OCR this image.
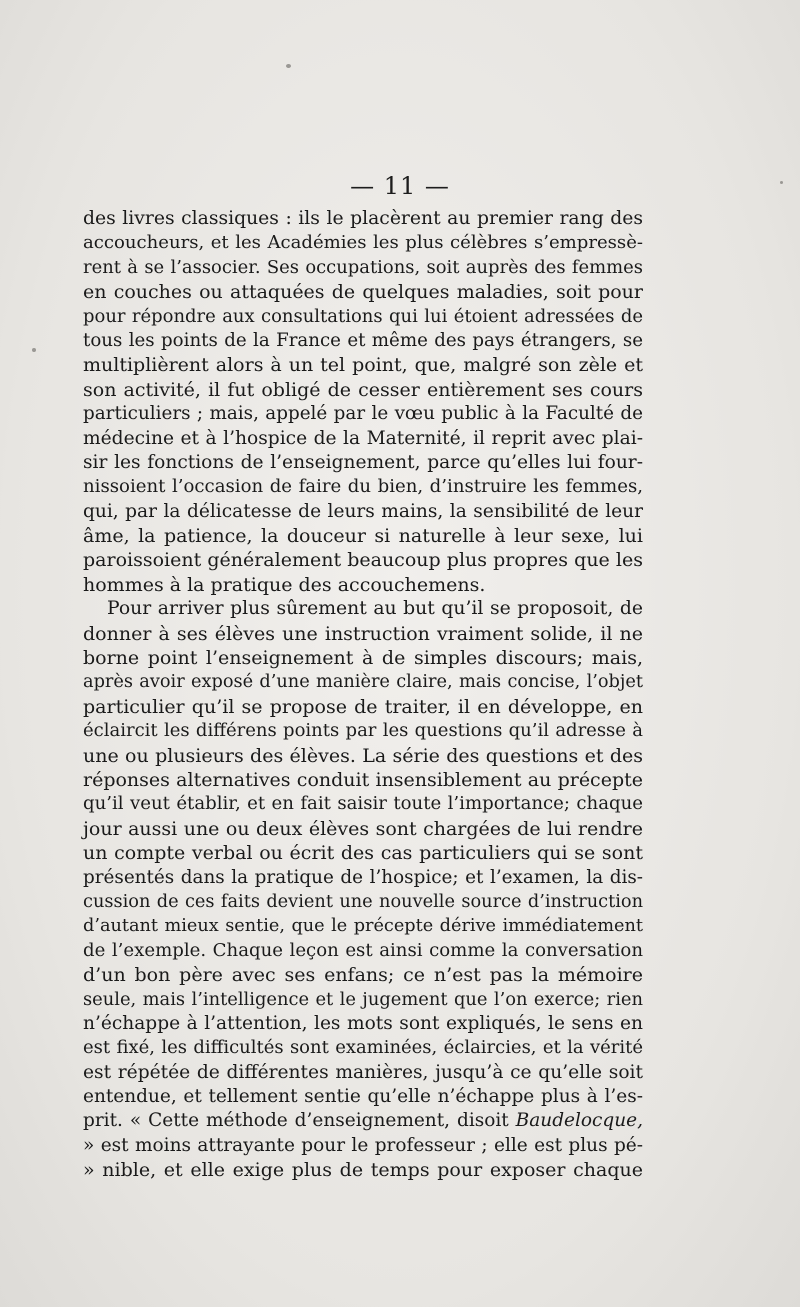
— 11 —
des livres classiques : ils le placèrent au premier rang des
accoucheurs, et les Académies les plus célèbres s’empressè-
rent à se l’associer. Ses occupations, soit auprès des femmes
en couches ou attaquées de quelques maladies, soit pour
pour répondre aux consultations qui lui étoient adressées de
tous les points de la France et même des pays étrangers, se
multiplièrent alors à un tel point, que, malgré son zèle et
son activité, il fut obligé de cesser entièrement ses cours
particuliers ; mais, appelé par le vœu public à la Faculté de
médecine et à l’hospice de la Maternité, il reprit avec plai-
sir les fonctions de l’enseignement, parce qu’elles lui four-
nissoient l’occasion de faire du bien, d’instruire les femmes,
qui, par la délicatesse de leurs mains, la sensibilité de leur
âme, la patience, la douceur si naturelle à leur sexe, lui
paroissoient généralement beaucoup plus propres que les
hommes à la pratique des accouchemens.
Pour arriver plus sûrement au but qu’il se proposoit, de
donner à ses élèves une instruction vraiment solide, il ne
borne point l’enseignement à de simples discours; mais,
après avoir exposé d’une manière claire, mais concise, l’objet
particulier qu’il se propose de traiter, il en développe, en
éclaircit les différens points par les questions qu’il adresse à
une ou plusieurs des élèves. La série des questions et des
réponses alternatives conduit insensiblement au précepte
qu’il veut établir, et en fait saisir toute l’importance; chaque
jour aussi une ou deux élèves sont chargées de lui rendre
un compte verbal ou écrit des cas particuliers qui se sont
présentés dans la pratique de l’hospice; et l’examen, la dis-
cussion de ces faits devient une nouvelle source d’instruction
d’autant mieux sentie, que le précepte dérive immédiatement
de l’exemple. Chaque leçon est ainsi comme la conversation
d’un bon père avec ses enfans; ce n’est pas la mémoire
seule, mais l’intelligence et le jugement que l’on exerce; rien
n’échappe à l’attention, les mots sont expliqués, le sens en
est fixé, les difficultés sont examinées, éclaircies, et la vérité
est répétée de différentes manières, jusqu’à ce qu’elle soit
entendue, et tellement sentie qu’elle n’échappe plus à l’es-
prit. « Cette méthode d’enseignement, disoit Baudelocque,
» est moins attrayante pour le professeur ; elle est plus pé-
» nible, et elle exige plus de temps pour exposer chaque
